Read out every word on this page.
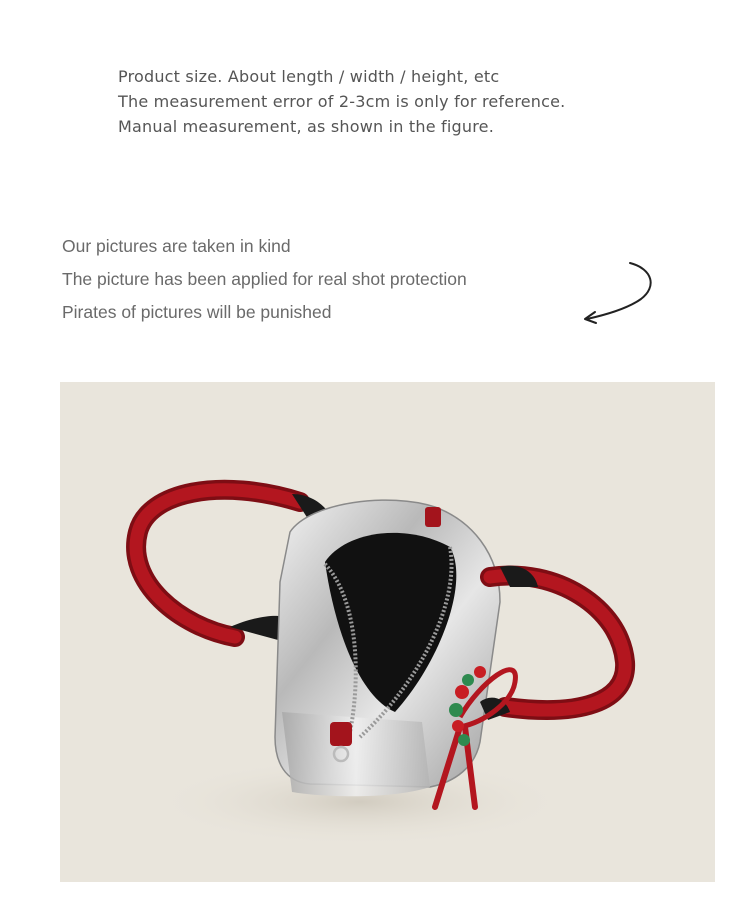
Product size. About length / width / height, etc
The measurement error of 2-3cm is only for reference.
Manual measurement, as shown in the figure.
Our pictures are taken in kind
The picture has been applied for real shot protection
Pirates of pictures will be punished
